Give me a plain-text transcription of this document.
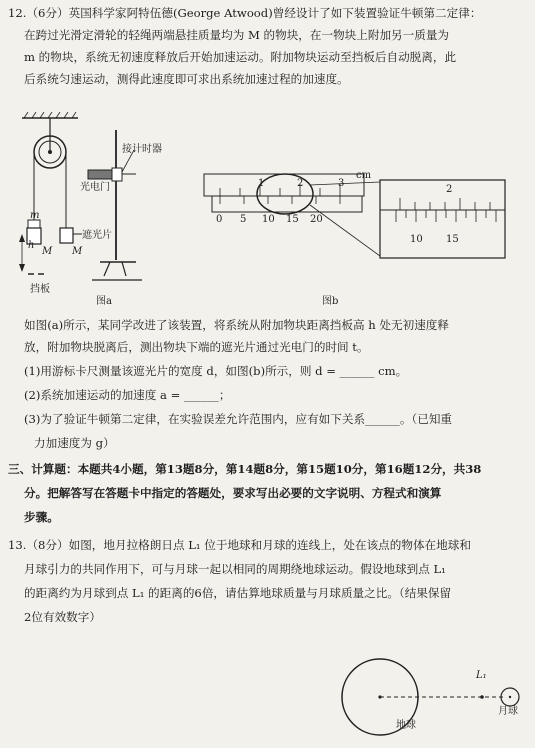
12.（6分）英国科学家阿特伍德(George Atwood)曾经设计了如下装置验证牛顿第二定律：
在跨过光滑定滑轮的轻绳两端悬挂质量均为 M 的物块，在一物块上附加另一质量为
m 的物块，系统无初速度释放后开始加速运动。附加物块运动至挡板后自动脱离，此
后系统匀速运动，测得此速度即可求出系统加速过程的加速度。
接计时器
光电门
遮光片
m
h
M M
挡板
图a
cm
1	2	3
0 5 10 15 20
2
10 15
图b
如图(a)所示，某同学改进了该装置，将系统从附加物块距离挡板高 h 处无初速度释
放，附加物块脱离后，测出物块下端的遮光片通过光电门的时间 t。
(1)用游标卡尺测量该遮光片的宽度 d，如图(b)所示，则 d = ______ cm。
(2)系统加速运动的加速度 a = ______；
(3)为了验证牛顿第二定律，在实验误差允许范围内，应有如下关系______。（已知重
力加速度为 g）
三、计算题：本题共4小题，第13题8分，第14题8分，第15题10分，第16题12分，共38
分。把解答写在答题卡中指定的答题处，要求写出必要的文字说明、方程式和演算
步骤。
13.（8分）如图，地月拉格朗日点 L₁ 位于地球和月球的连线上，处在该点的物体在地球和
月球引力的共同作用下，可与月球一起以相同的周期绕地球运动。假设地球到点 L₁
的距离约为月球到点 L₁ 的距离的6倍，请估算地球质量与月球质量之比。（结果保留
2位有效数字）
L₁
地球
月球
